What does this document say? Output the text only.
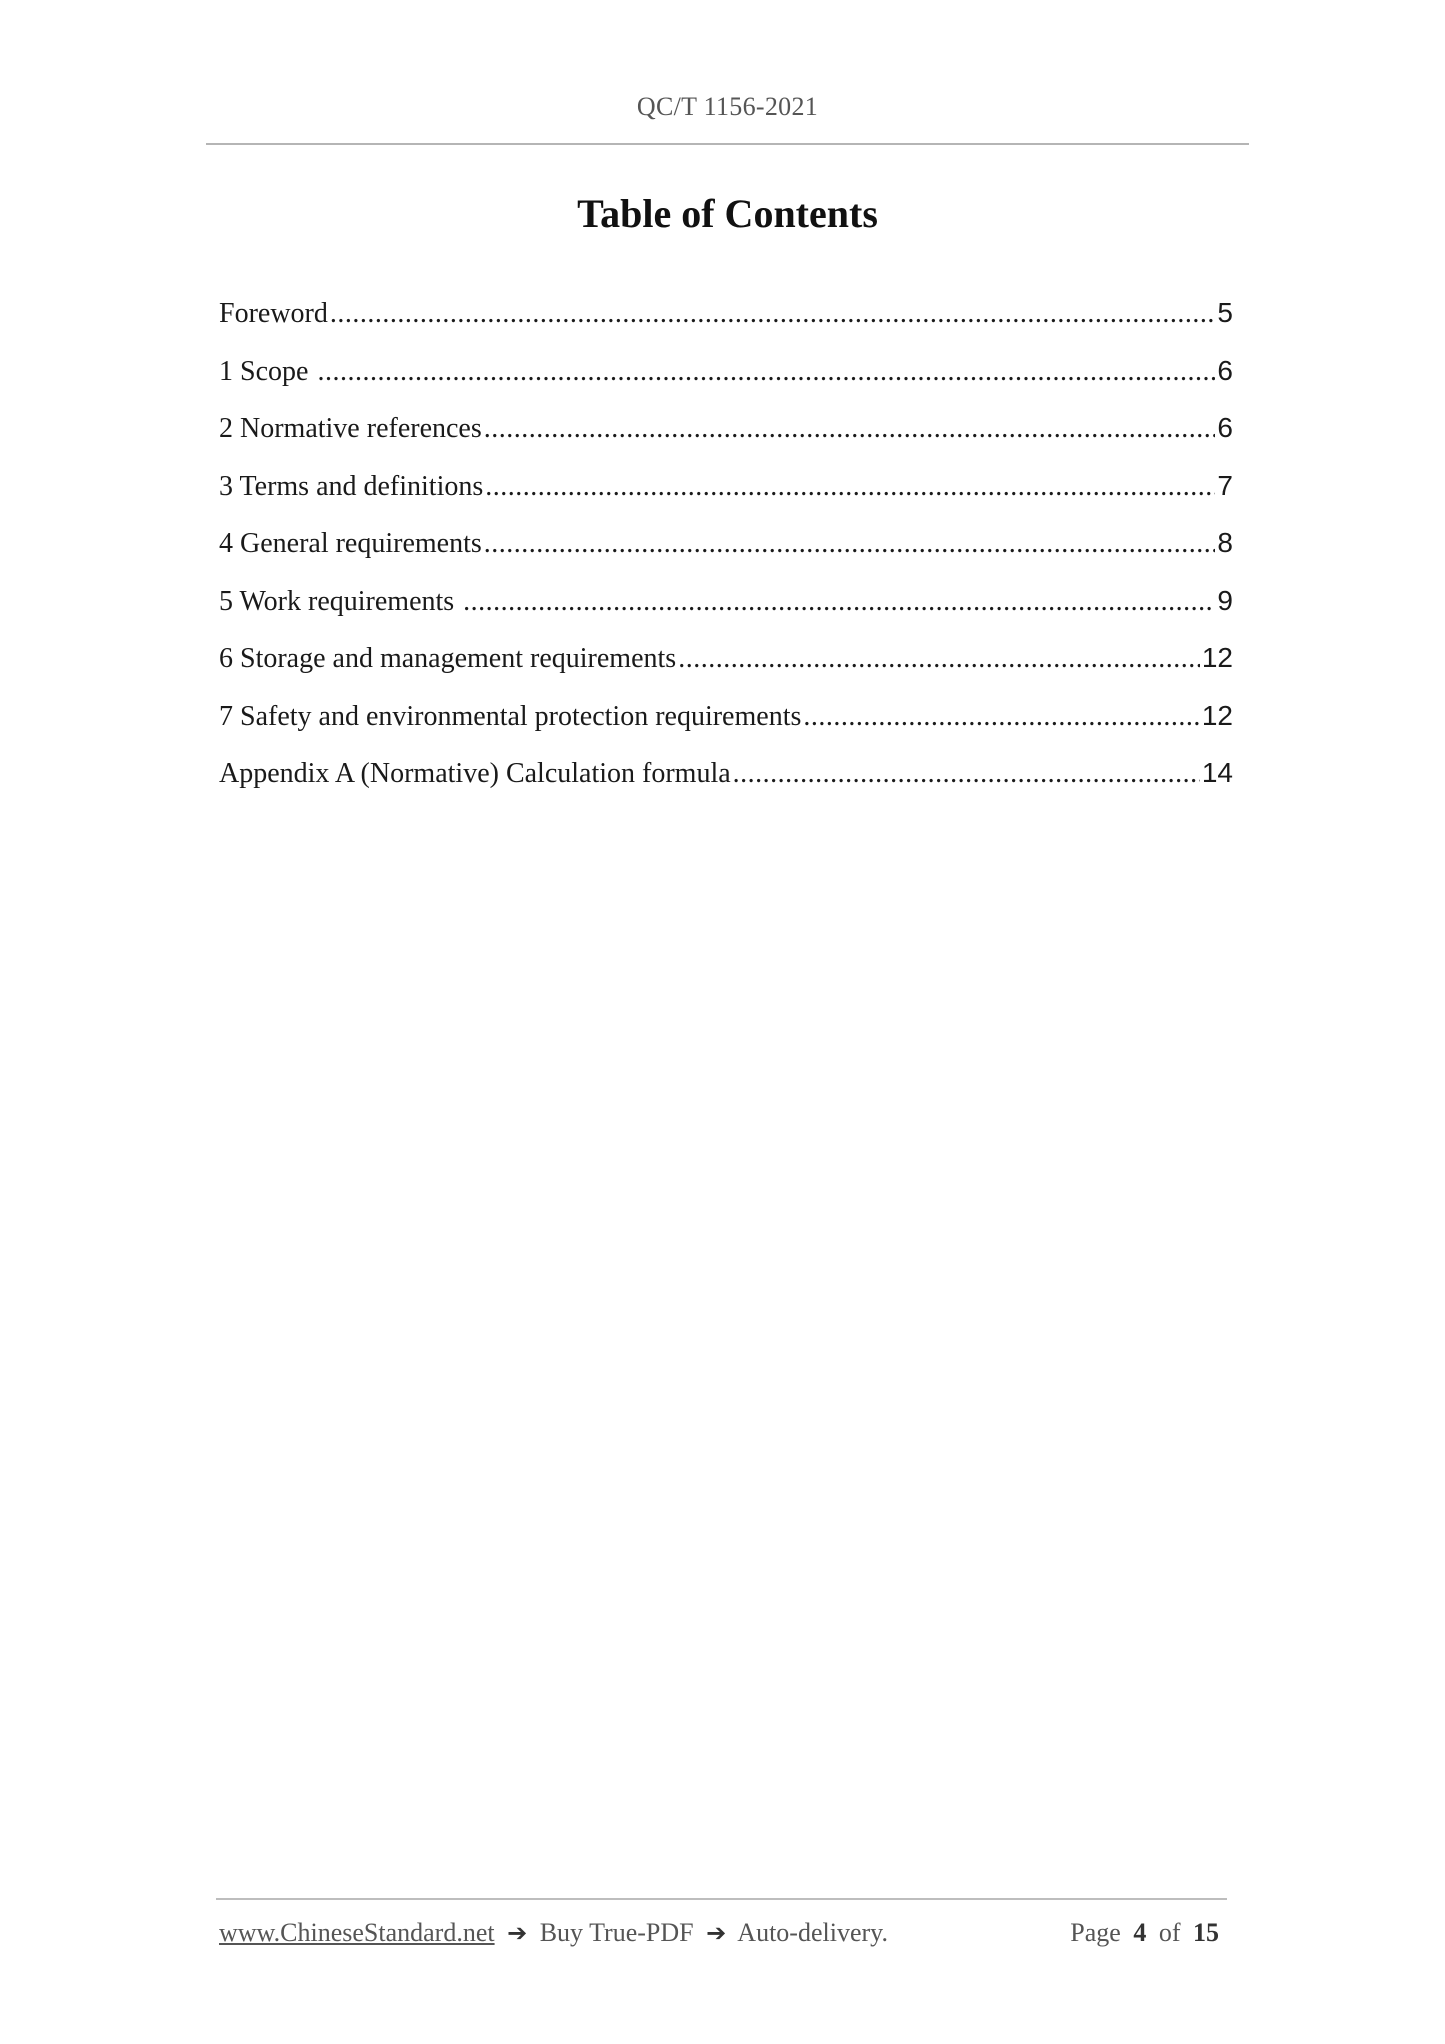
QC/T 1156-2021
Table of Contents
Foreword .....	5
1 Scope .....	6
2 Normative references .....	6
3 Terms and definitions .....	7
4 General requirements .....	8
5 Work requirements .....	9
6 Storage and management requirements .....	12
7 Safety and environmental protection requirements .....	12
Appendix A (Normative) Calculation formula .....	14
www.ChineseStandard.net ➔ Buy True-PDF ➔ Auto-delivery.	Page 4 of 15
